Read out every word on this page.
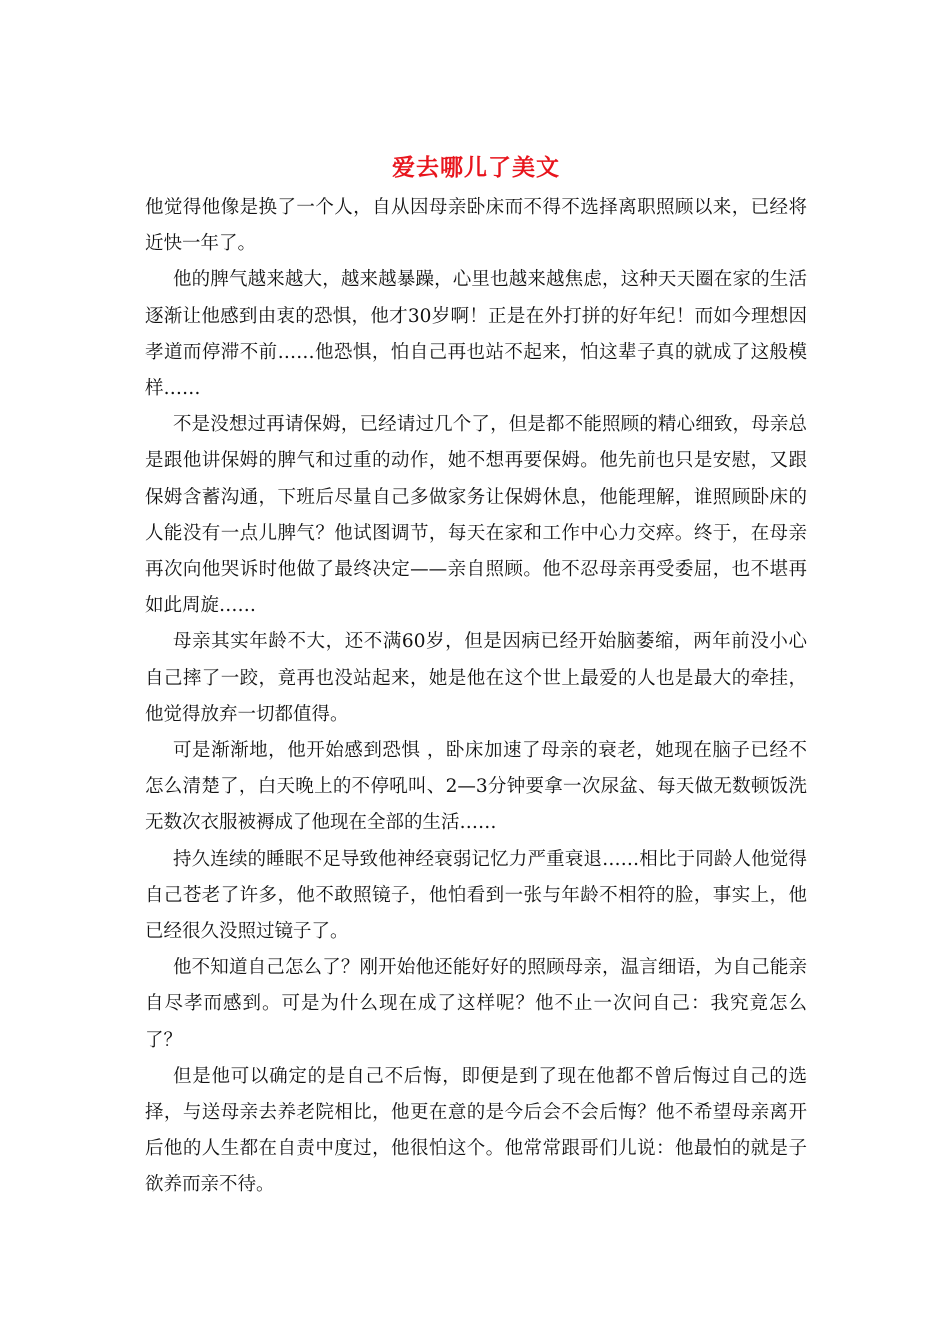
爱去哪儿了美文

他觉得他像是换了一个人，自从因母亲卧床而不得不选择离职照顾以来，已经将近快一年了。

他的脾气越来越大，越来越暴躁，心里也越来越焦虑，这种天天圈在家的生活逐渐让他感到由衷的恐惧，他才30岁啊！正是在外打拼的好年纪！而如今理想因孝道而停滞不前……他恐惧，怕自己再也站不起来，怕这辈子真的就成了这般模样……

不是没想过再请保姆，已经请过几个了，但是都不能照顾的精心细致，母亲总是跟他讲保姆的脾气和过重的动作，她不想再要保姆。他先前也只是安慰，又跟保姆含蓄沟通，下班后尽量自己多做家务让保姆休息，他能理解，谁照顾卧床的人能没有一点儿脾气？他试图调节，每天在家和工作中心力交瘁。终于，在母亲再次向他哭诉时他做了最终决定——亲自照顾。他不忍母亲再受委屈，也不堪再如此周旋……

母亲其实年龄不大，还不满60岁，但是因病已经开始脑萎缩，两年前没小心自己摔了一跤，竟再也没站起来，她是他在这个世上最爱的人也是最大的牵挂，他觉得放弃一切都值得。

可是渐渐地，他开始感到恐惧 ，卧床加速了母亲的衰老，她现在脑子已经不怎么清楚了，白天晚上的不停吼叫、2—3分钟要拿一次尿盆、每天做无数顿饭洗无数次衣服被褥成了他现在全部的生活……

持久连续的睡眠不足导致他神经衰弱记忆力严重衰退……相比于同龄人他觉得自己苍老了许多，他不敢照镜子，他怕看到一张与年龄不相符的脸，事实上，他已经很久没照过镜子了。

他不知道自己怎么了？刚开始他还能好好的照顾母亲，温言细语，为自己能亲自尽孝而感到。可是为什么现在成了这样呢？他不止一次问自己：我究竟怎么了？

但是他可以确定的是自己不后悔，即便是到了现在他都不曾后悔过自己的选择，与送母亲去养老院相比，他更在意的是今后会不会后悔？他不希望母亲离开后他的人生都在自责中度过，他很怕这个。他常常跟哥们儿说：他最怕的就是子欲养而亲不待。
